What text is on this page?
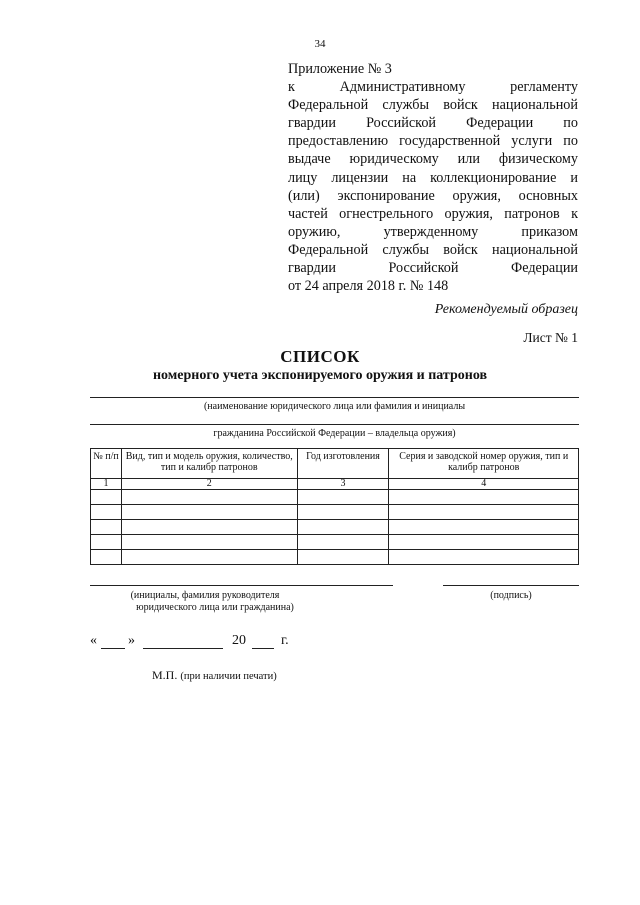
34
Приложение № 3
к Административному регламенту
Федеральной службы войск национальной
гвардии Российской Федерации по
предоставлению государственной услуги по
выдаче юридическому или физическому
лицу лицензии на коллекционирование и
(или) экспонирование оружия, основных
частей огнестрельного оружия, патронов к
оружию, утвержденному приказом
Федеральной службы войск национальной
гвардии Российской Федерации
от 24 апреля 2018 г. № 148
Рекомендуемый образец
Лист № 1
СПИСОК
номерного учета экспонируемого оружия и патронов
(наименование юридического лица или фамилия и инициалы
гражданина Российской Федерации – владельца оружия)
№ п/п	Вид, тип и модель оружия, количество, тип и калибр патронов	Год изготовления	Серия и заводской номер оружия, тип и калибр патронов
1	2	3	4

(инициалы, фамилия руководителя
юридического лица или гражданина)
(подпись)
« »	20	г.
М.П. (при наличии печати)
